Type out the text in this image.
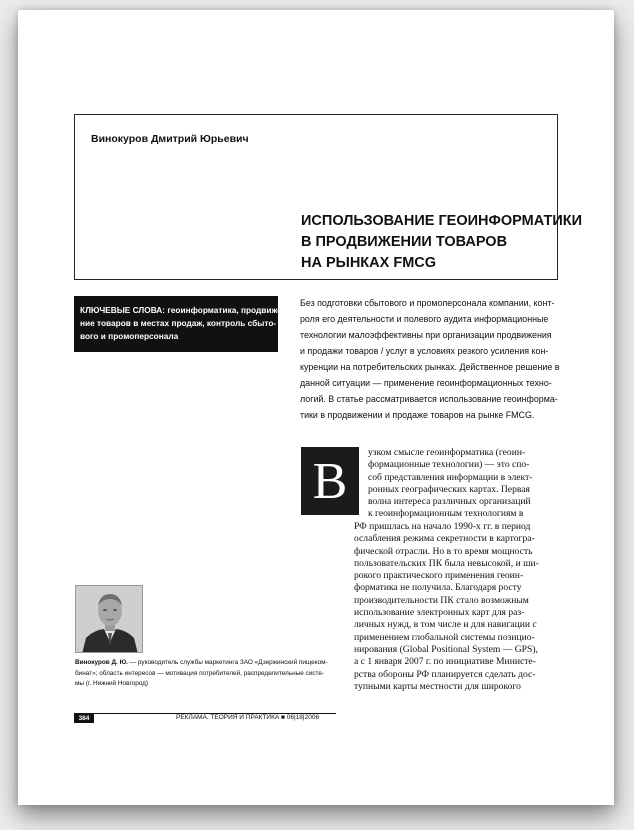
Винокуров Дмитрий Юрьевич
ИСПОЛЬЗОВАНИЕ ГЕОИНФОРМАТИКИ
В ПРОДВИЖЕНИИ ТОВАРОВ
НА РЫНКАХ FMCG
КЛЮЧЕВЫЕ СЛОВА: геоинформатика, продвиже-
ние товаров в местах продаж, контроль сбыто-
вого и промоперсонала
Без подготовки сбытового и промоперсонала компании, конт-
роля его деятельности и полевого аудита информационные
технологии малоэффективны при организации продвижения
и продажи товаров / услуг в условиях резкого усиления кон-
куренции на потребительских рынках. Действенное решение в
данной ситуации — применение геоинформационных техно-
логий. В статье рассматривается использование геоинформа-
тики в продвижении и продаже товаров на рынке FMCG.
В	узком смысле геоинформатика (геоин-
формационные технологии) — это спо-
соб представления информации в элект-
ронных географических картах. Первая
волна интереса различных организаций
к геоинформационным технологиям в
РФ пришлась на начало 1990-х гг. в период
ослабления режима секретности в картогра-
фической отрасли. Но в то время мощность
пользовательских ПК была невысокой, и ши-
рокого практического применения геоин-
форматика не получила. Благодаря росту
производительности ПК стало возможным
использование электронных карт для раз-
личных нужд, в том числе и для навигации с
применением глобальной системы позицио-
нирования (Global Positional System — GPS),
а с 1 января 2007 г. по инициативе Министе-
рства обороны РФ планируется сделать дос-
тупными карты местности для широкого
Винокуров Д. Ю. — руководитель службы маркетинга ЗАО «Дзержинский пищеком-
бинат»; область интересов — мотивация потребителей, распределительные систе-
мы (г. Нижний Новгород)
384	РЕКЛАМА. ТЕОРИЯ И ПРАКТИКА ■ 06|18|2006
